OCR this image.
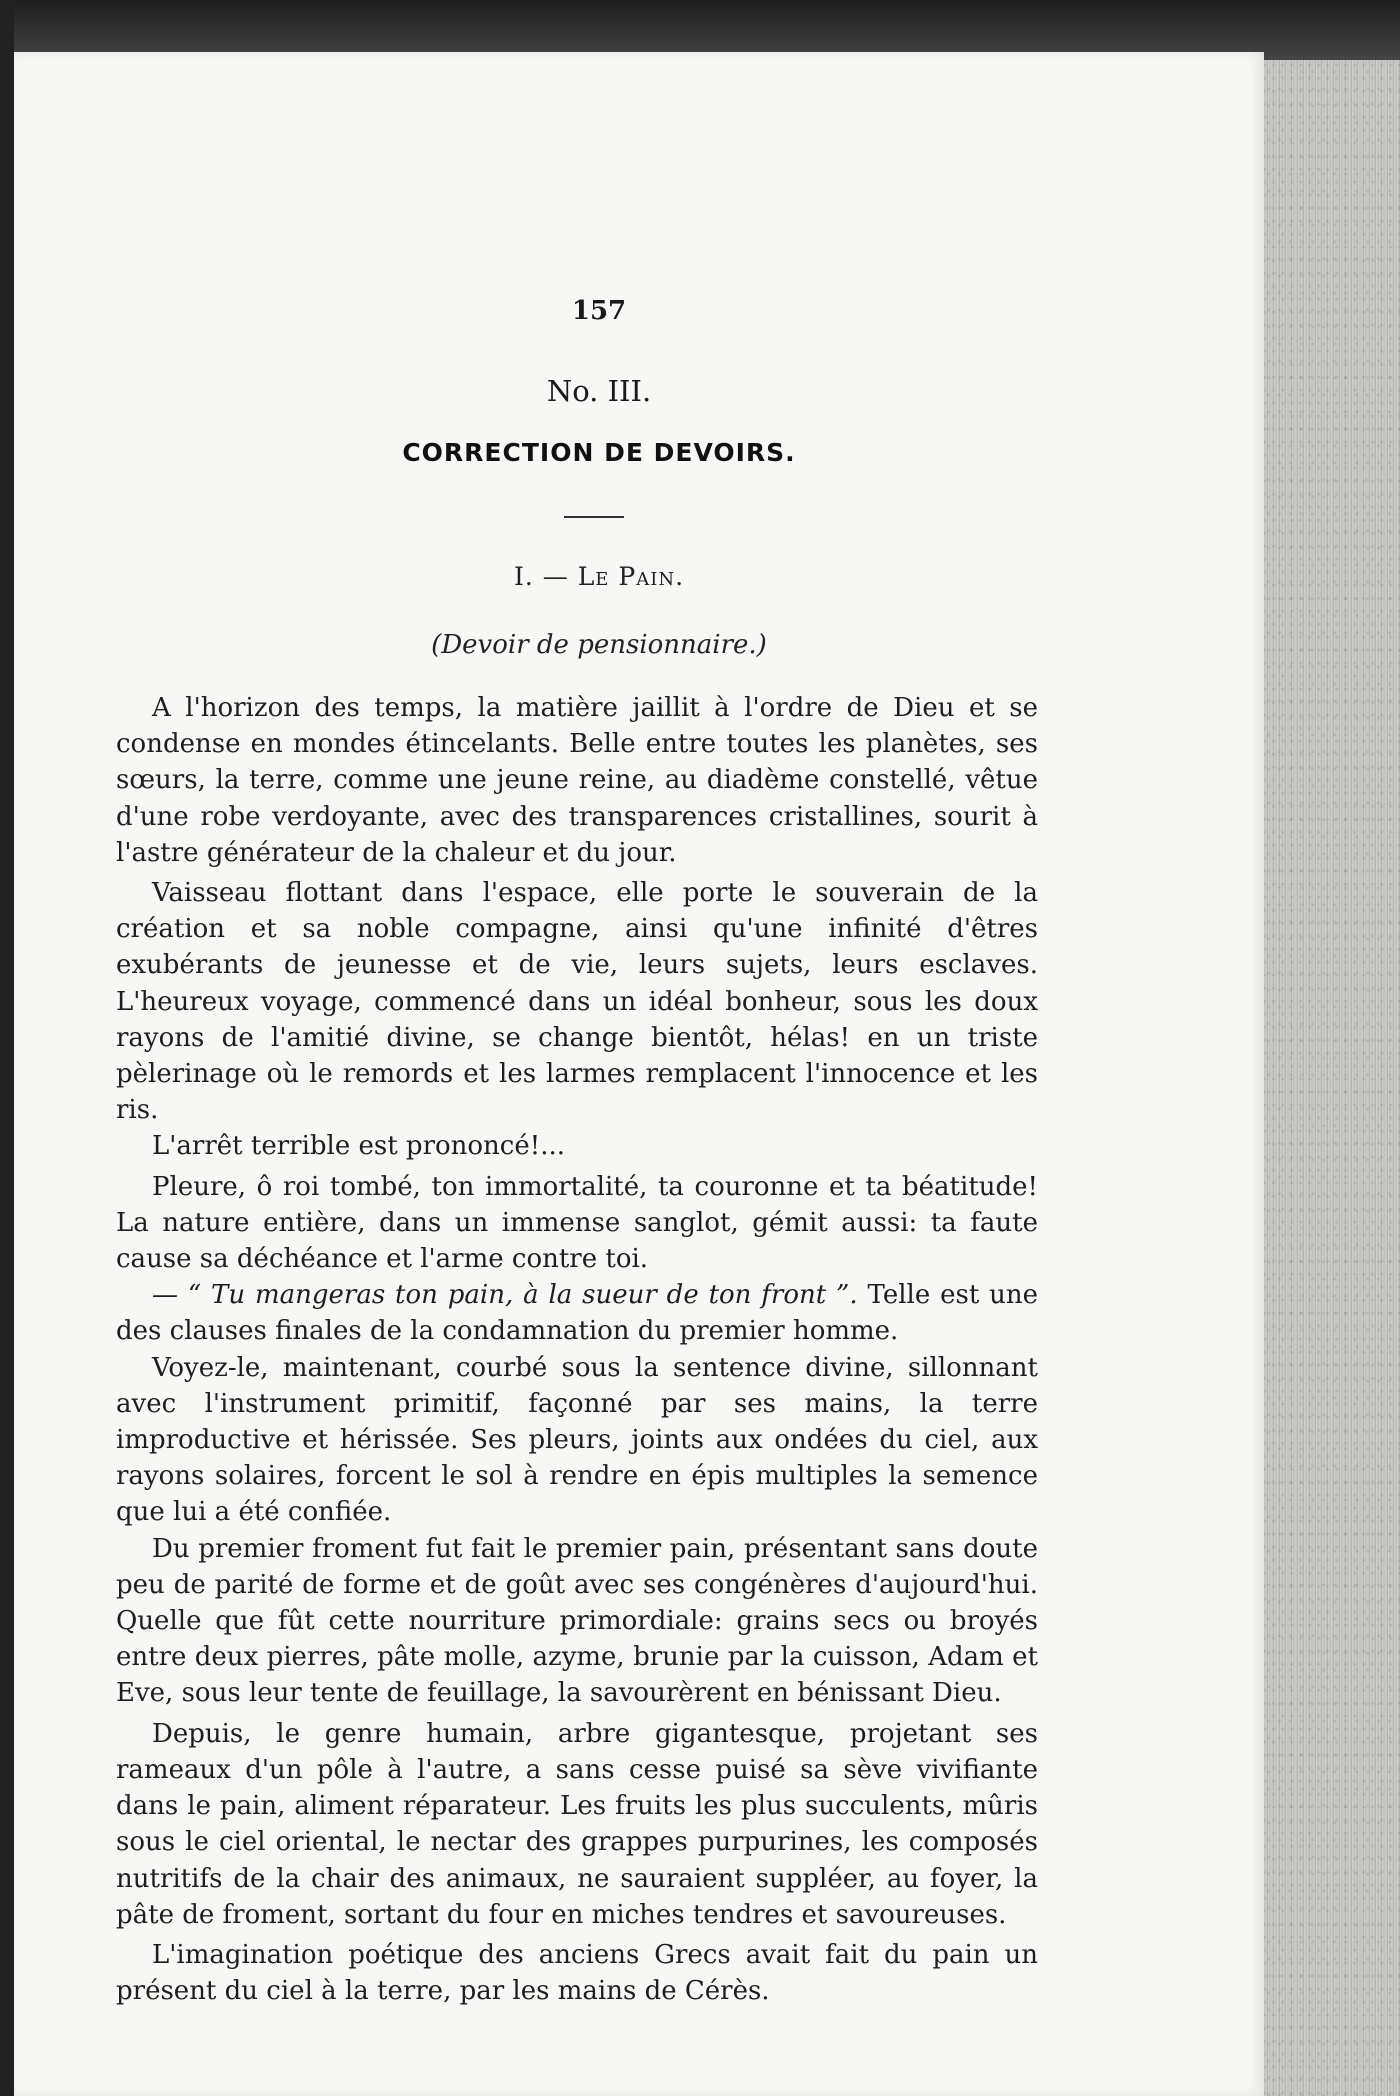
157
No. III.
CORRECTION DE DEVOIRS.
I. — Le Pain.
(Devoir de pensionnaire.)

A l'horizon des temps, la matière jaillit à l'ordre de Dieu et se condense en mondes étincelants. Belle entre toutes les planètes, ses sœurs, la terre, comme une jeune reine, au diadème constellé, vêtue d'une robe verdoyante, avec des transparences cristallines, sourit à l'astre générateur de la chaleur et du jour.

Vaisseau flottant dans l'espace, elle porte le souverain de la création et sa noble compagne, ainsi qu'une infinité d'êtres exubérants de jeunesse et de vie, leurs sujets, leurs esclaves. L'heureux voyage, commencé dans un idéal bonheur, sous les doux rayons de l'amitié divine, se change bientôt, hélas! en un triste pèlerinage où le remords et les larmes remplacent l'innocence et les ris.

L'arrêt terrible est prononcé!...

Pleure, ô roi tombé, ton immortalité, ta couronne et ta béatitude! La nature entière, dans un immense sanglot, gémit aussi: ta faute cause sa déchéance et l'arme contre toi.

— “ Tu mangeras ton pain, à la sueur de ton front ”. Telle est une des clauses finales de la condamnation du premier homme.

Voyez-le, maintenant, courbé sous la sentence divine, sillonnant avec l'instrument primitif, façonné par ses mains, la terre improductive et hérissée. Ses pleurs, joints aux ondées du ciel, aux rayons solaires, forcent le sol à rendre en épis multiples la semence que lui a été confiée.

Du premier froment fut fait le premier pain, présentant sans doute peu de parité de forme et de goût avec ses congénères d'aujourd'hui. Quelle que fût cette nourriture primordiale: grains secs ou broyés entre deux pierres, pâte molle, azyme, brunie par la cuisson, Adam et Eve, sous leur tente de feuillage, la savourèrent en bénissant Dieu.

Depuis, le genre humain, arbre gigantesque, projetant ses rameaux d'un pôle à l'autre, a sans cesse puisé sa sève vivifiante dans le pain, aliment réparateur. Les fruits les plus succulents, mûris sous le ciel oriental, le nectar des grappes purpurines, les composés nutritifs de la chair des animaux, ne sauraient suppléer, au foyer, la pâte de froment, sortant du four en miches tendres et savoureuses.

L'imagination poétique des anciens Grecs avait fait du pain un présent du ciel à la terre, par les mains de Cérès.
